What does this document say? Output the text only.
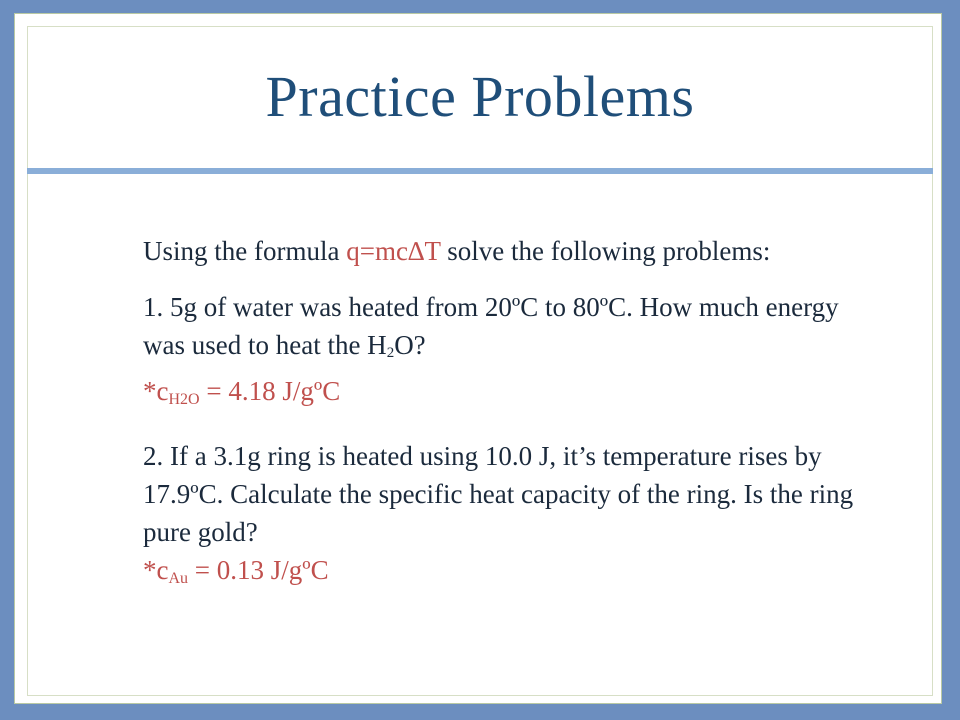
Practice Problems

Using the formula q=mc∆T solve the following problems:

1. 5g of water was heated from 20ºC to 80ºC. How much energy was used to heat the $H_2O$?
*cH2O = 4.18 J/gºC

2. If a 3.1g ring is heated using 10.0 J, it’s temperature rises by 17.9ºC. Calculate the specific heat capacity of the ring. Is the ring pure gold?
*cAu = 0.13 J/gºC
